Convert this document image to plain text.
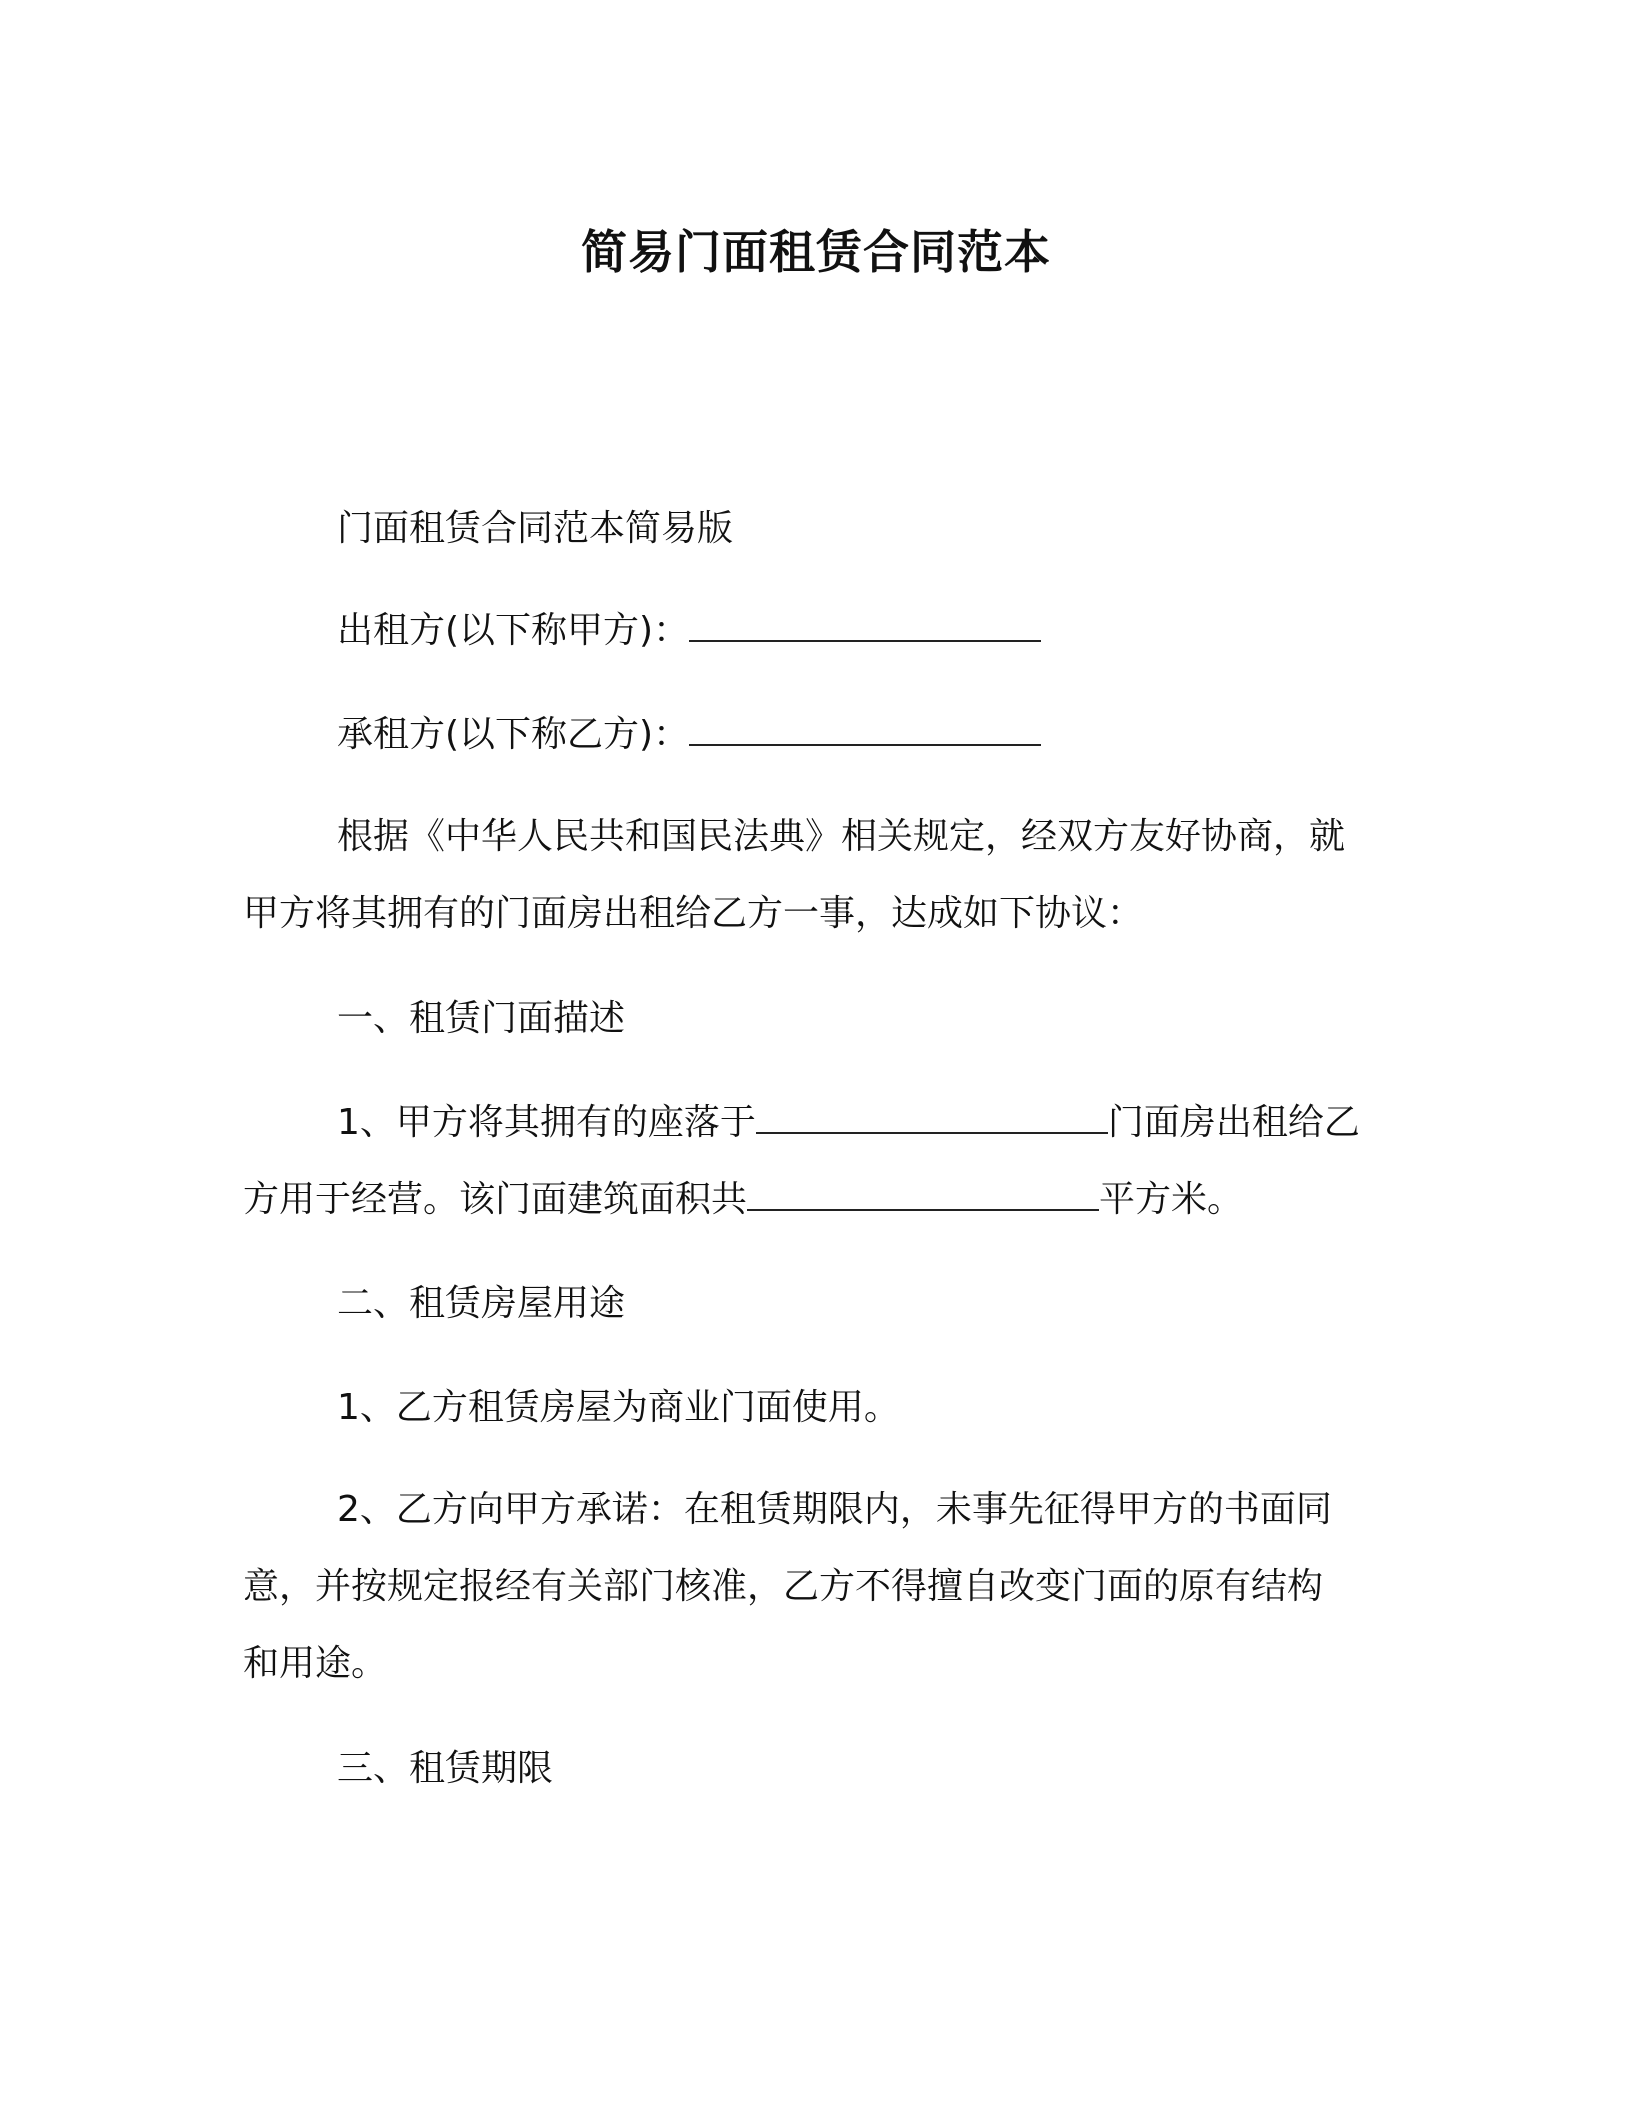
简易门面租赁合同范本
门面租赁合同范本简易版
出租方(以下称甲方)：
承租方(以下称乙方)：
根据《中华人民共和国民法典》相关规定，经双方友好协商，就
甲方将其拥有的门面房出租给乙方一事，达成如下协议：
一、租赁门面描述
1、甲方将其拥有的座落于	门面房出租给乙
方用于经营。该门面建筑面积共	平方米。
二、租赁房屋用途
1、乙方租赁房屋为商业门面使用。
2、乙方向甲方承诺：在租赁期限内，未事先征得甲方的书面同
意，并按规定报经有关部门核准，乙方不得擅自改变门面的原有结构
和用途。
三、租赁期限
